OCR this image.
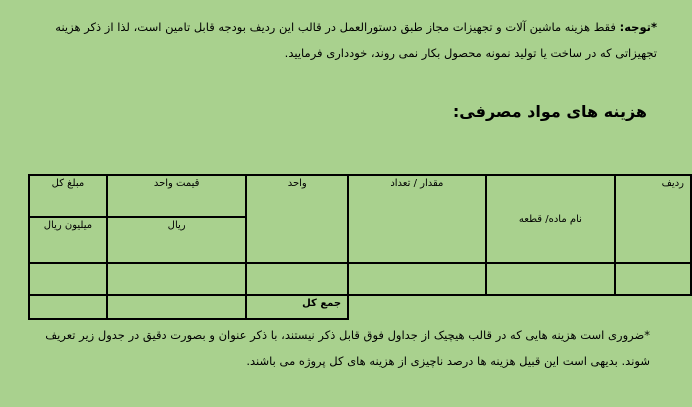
*توجه: فقط هزینه ماشین آلات و تجهیزات مجاز طبق دستورالعمل در قالب این ردیف بودجه قابل تامین است، لذا از ذکر هزینه تجهیزاتی که در ساخت یا تولید نمونه محصول بکار نمی روند، خودداری فرمایید.
هزینه های مواد مصرفی:
ردیف	نام ماده/ قطعه	مقدار / تعداد	واحد	قیمت واحد	مبلغ کل
				ریال	میلیون ریال

			جمع کل		
*ضروری است هزینه هایی که در قالب هیچیک از جداول فوق قابل ذکر نیستند، با ذکر عنوان و بصورت دقیق در جدول زیر تعریف شوند. بدیهی است این قبیل هزینه ها درصد ناچیزی از هزینه های کل پروژه می باشند.
